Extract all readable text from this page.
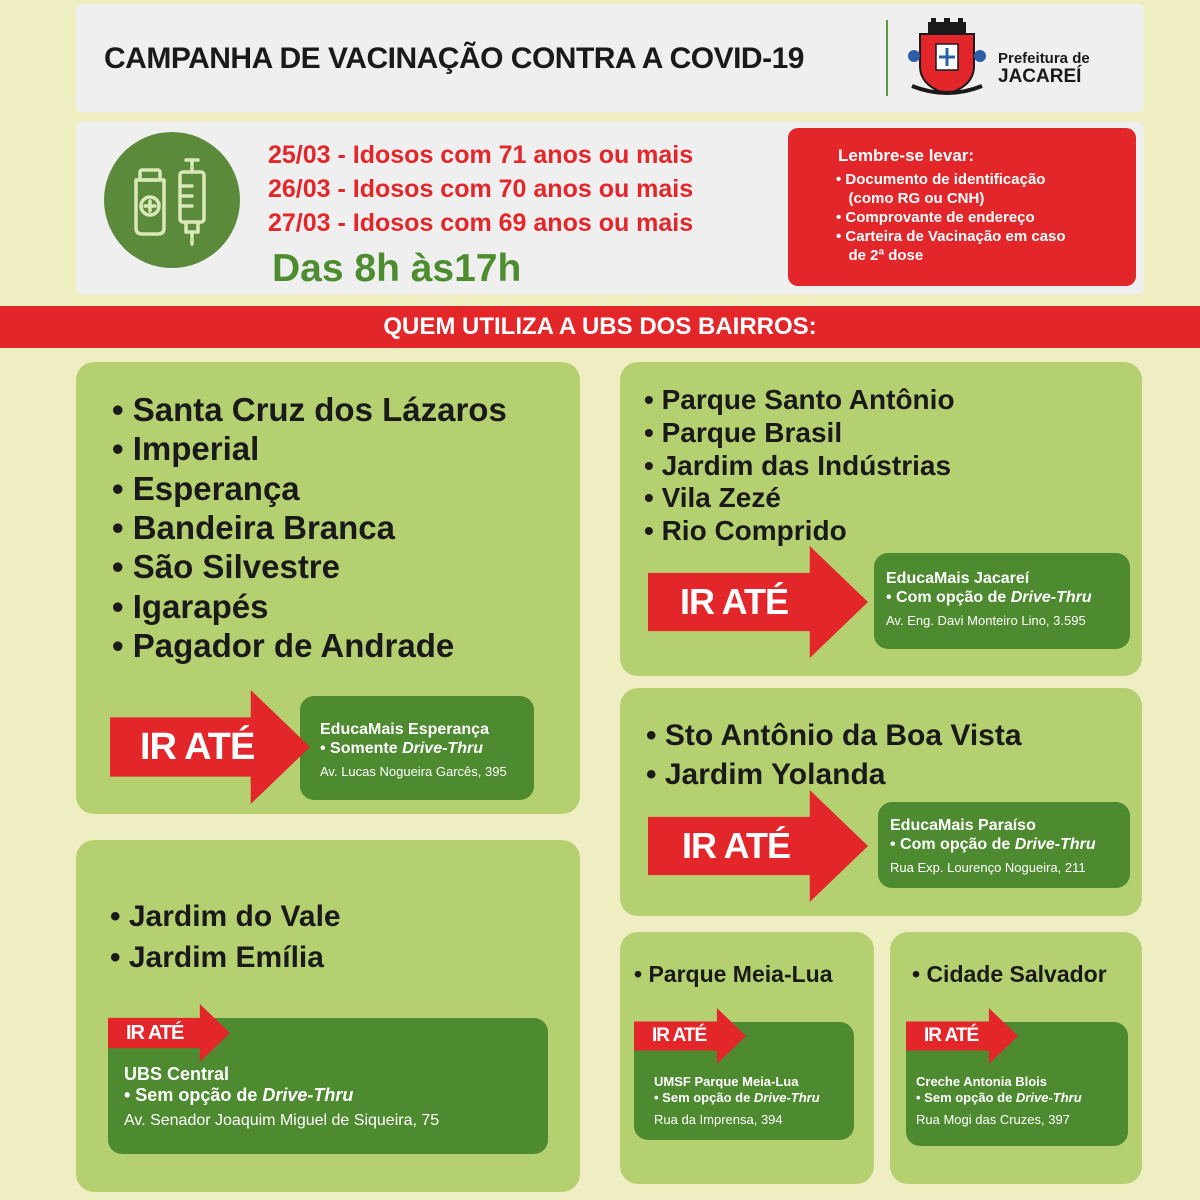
CAMPANHA DE VACINAÇÃO CONTRA A COVID-19	Prefeitura de
JACAREÍ
25/03 - Idosos com 71 anos ou mais
26/03 - Idosos com 70 anos ou mais
27/03 - Idosos com 69 anos ou mais
Das 8h às17h
Lembre-se levar:
• Documento de identificação
(como RG ou CNH)
• Comprovante de endereço
• Carteira de Vacinação em caso
de 2ª dose
QUEM UTILIZA A UBS DOS BAIRROS:
• Santa Cruz dos Lázaros
• Imperial
• Esperança
• Bandeira Branca
• São Silvestre
• Igarapés
• Pagador de Andrade
EducaMais Esperança
• Somente Drive-Thru
Av. Lucas Nogueira Garcês, 395
IR ATÉ
• Parque Santo Antônio
• Parque Brasil
• Jardim das Indústrias
• Vila Zezé
• Rio Comprido
EducaMais Jacareí
• Com opção de Drive-Thru
Av. Eng. Davi Monteiro Lino, 3.595
IR ATÉ
• Sto Antônio da Boa Vista
• Jardim Yolanda
EducaMais Paraíso
• Com opção de Drive-Thru
Rua Exp. Lourenço Nogueira, 211
IR ATÉ
• Jardim do Vale
• Jardim Emília
UBS Central
• Sem opção de Drive-Thru
Av. Senador Joaquim Miguel de Siqueira, 75
IR ATÉ
• Parque Meia-Lua
UMSF Parque Meia-Lua
• Sem opção de Drive-Thru
Rua da Imprensa, 394
IR ATÉ
• Cidade Salvador
Creche Antonia Blois
• Sem opção de Drive-Thru
Rua Mogi das Cruzes, 397
IR ATÉ
